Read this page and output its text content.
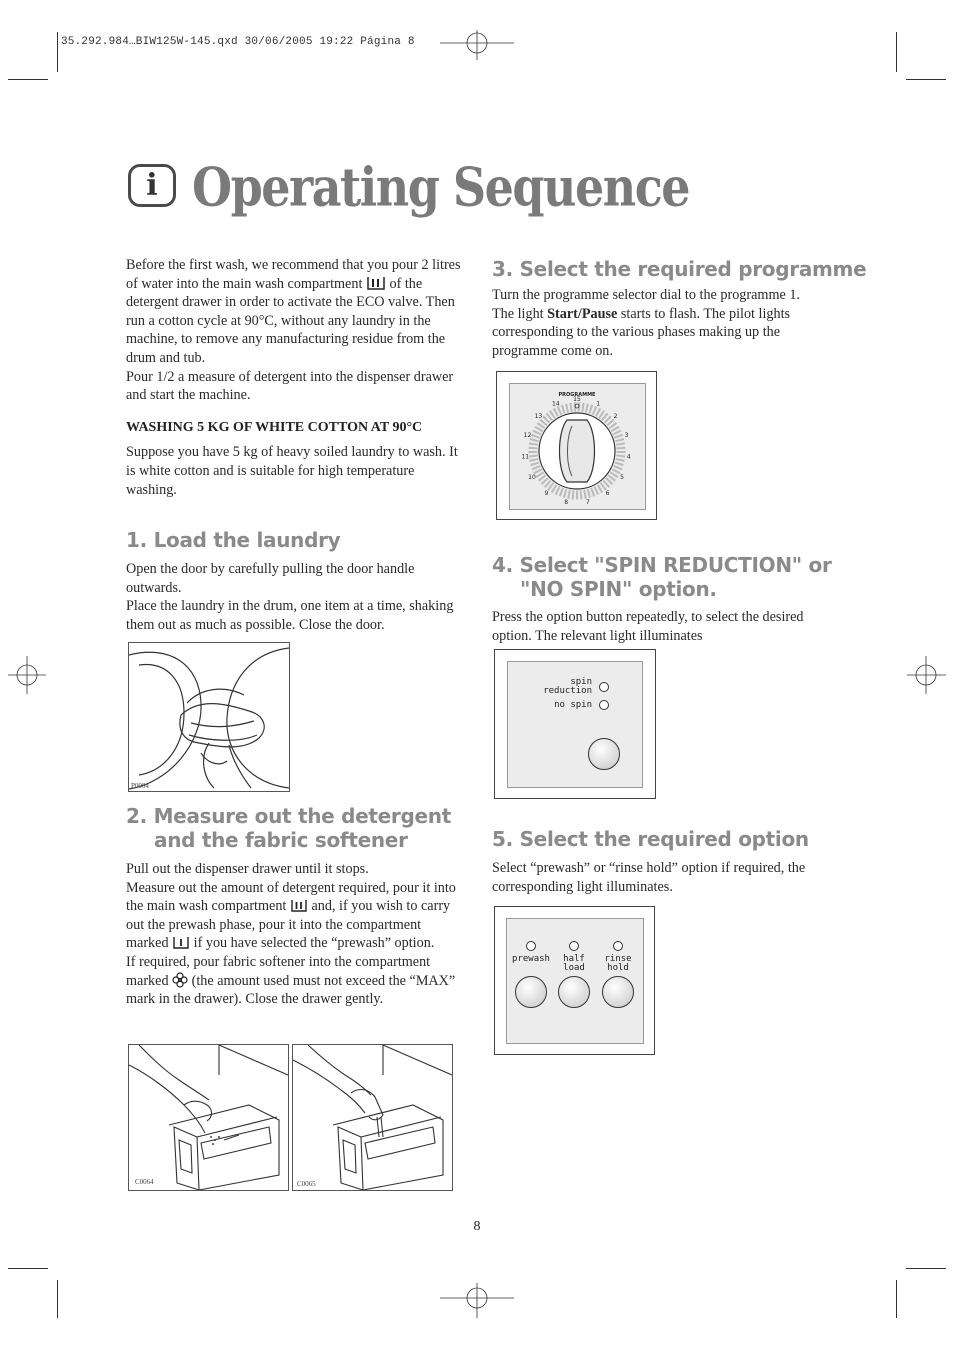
35.292.984…BIW125W-145.qxd 30/06/2005 19:22 Página 8
i Operating Sequence

Before the first wash, we recommend that you pour 2 litres of water into the main wash compartment of the detergent drawer in order to activate the ECO valve. Then run a cotton cycle at 90°C, without any laundry in the machine, to remove any manufacturing residue from the drum and tub.

Pour 1/2 a measure of detergent into the dispenser drawer and start the machine.

WASHING 5 KG OF WHITE COTTON AT 90°C

Suppose you have 5 kg of heavy soiled laundry to wash. It is white cotton and is suitable for high temperature washing.

1. Load the laundry

Open the door by carefully pulling the door handle outwards.

Place the laundry in the drum, one item at a time, shaking them out as much as possible. Close the door.

P0004
2. Measure out the detergent
and the fabric softener

Pull out the dispenser drawer until it stops.

Measure out the amount of detergent required, pour it into the main wash compartment and, if you wish to carry out the prewash phase, pour it into the compartment marked if you have selected the “prewash” option.

If required, pour fabric softener into the compartment marked (the amount used must not exceed the “MAX” mark in the drawer). Close the drawer gently.

C0064	C0065
3. Select the required programme

Turn the programme selector dial to the programme 1. The light Start/Pause starts to flash. The pilot lights corresponding to the various phases making up the programme come on.

PROGRAMME
15
1
2
3
4
5
6
7
8
9
10
11
12
13
14
4. Select "SPIN REDUCTION" or
"NO SPIN" option.
Press the option button repeatedly, to select the desired option. The relevant light illuminates
spin
reduction
no spin
5. Select the required option
Select “prewash” or “rinse hold” option if required, the corresponding light illuminates.
prewash	half
load
rinse
hold
8
